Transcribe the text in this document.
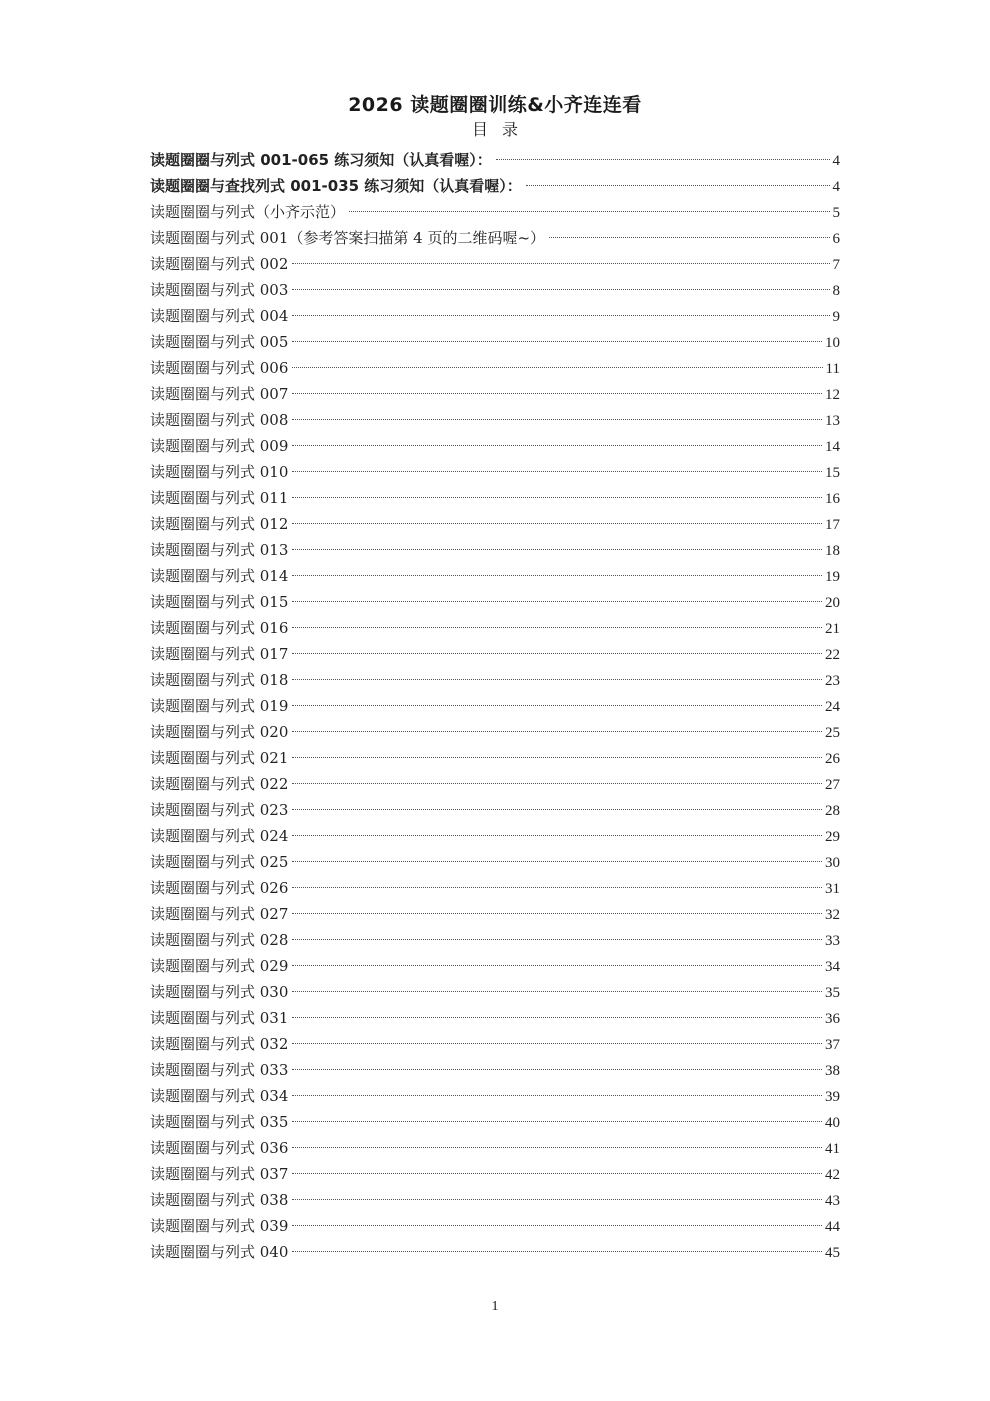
2026 读题圈圈训练&小齐连连看
目录
读题圈圈与列式 001-065 练习须知（认真看喔）：	4
读题圈圈与查找列式 001-035 练习须知（认真看喔）：	4
读题圈圈与列式（小齐示范）	5
读题圈圈与列式 001（参考答案扫描第 4 页的二维码喔~）	6
读题圈圈与列式 002	7
读题圈圈与列式 003	8
读题圈圈与列式 004	9
读题圈圈与列式 005	10
读题圈圈与列式 006	11
读题圈圈与列式 007	12
读题圈圈与列式 008	13
读题圈圈与列式 009	14
读题圈圈与列式 010	15
读题圈圈与列式 011	16
读题圈圈与列式 012	17
读题圈圈与列式 013	18
读题圈圈与列式 014	19
读题圈圈与列式 015	20
读题圈圈与列式 016	21
读题圈圈与列式 017	22
读题圈圈与列式 018	23
读题圈圈与列式 019	24
读题圈圈与列式 020	25
读题圈圈与列式 021	26
读题圈圈与列式 022	27
读题圈圈与列式 023	28
读题圈圈与列式 024	29
读题圈圈与列式 025	30
读题圈圈与列式 026	31
读题圈圈与列式 027	32
读题圈圈与列式 028	33
读题圈圈与列式 029	34
读题圈圈与列式 030	35
读题圈圈与列式 031	36
读题圈圈与列式 032	37
读题圈圈与列式 033	38
读题圈圈与列式 034	39
读题圈圈与列式 035	40
读题圈圈与列式 036	41
读题圈圈与列式 037	42
读题圈圈与列式 038	43
读题圈圈与列式 039	44
读题圈圈与列式 040	45
1
